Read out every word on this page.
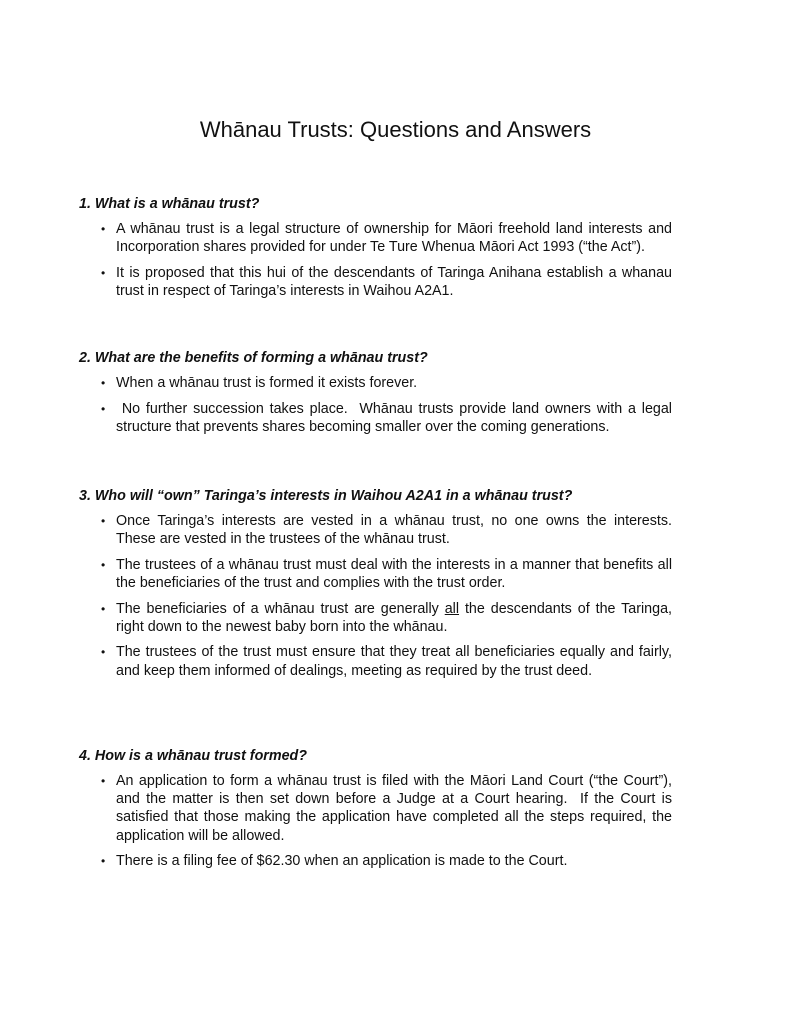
Whānau Trusts: Questions and Answers

1. What is a whānau trust?

• A whānau trust is a legal structure of ownership for Māori freehold land interests and Incorporation shares provided for under Te Ture Whenua Māori Act 1993 (“the Act”).
• It is proposed that this hui of the descendants of Taringa Anihana establish a whanau trust in respect of Taringa’s interests in Waihou A2A1.

2. What are the benefits of forming a whānau trust?

• When a whānau trust is formed it exists forever.
• No further succession takes place.  Whānau trusts provide land owners with a legal structure that prevents shares becoming smaller over the coming generations.

3. Who will “own” Taringa’s interests in Waihou A2A1 in a whānau trust?

• Once Taringa’s interests are vested in a whānau trust, no one owns the interests.  These are vested in the trustees of the whānau trust.
• The trustees of a whānau trust must deal with the interests in a manner that benefits all the beneficiaries of the trust and complies with the trust order.
• The beneficiaries of a whānau trust are generally all the descendants of the Taringa, right down to the newest baby born into the whānau.
• The trustees of the trust must ensure that they treat all beneficiaries equally and fairly, and keep them informed of dealings, meeting as required by the trust deed.

4. How is a whānau trust formed?

• An application to form a whānau trust is filed with the Māori Land Court (“the Court”), and the matter is then set down before a Judge at a Court hearing.  If the Court is satisfied that those making the application have completed all the steps required, the application will be allowed.
• There is a filing fee of $62.30 when an application is made to the Court.
